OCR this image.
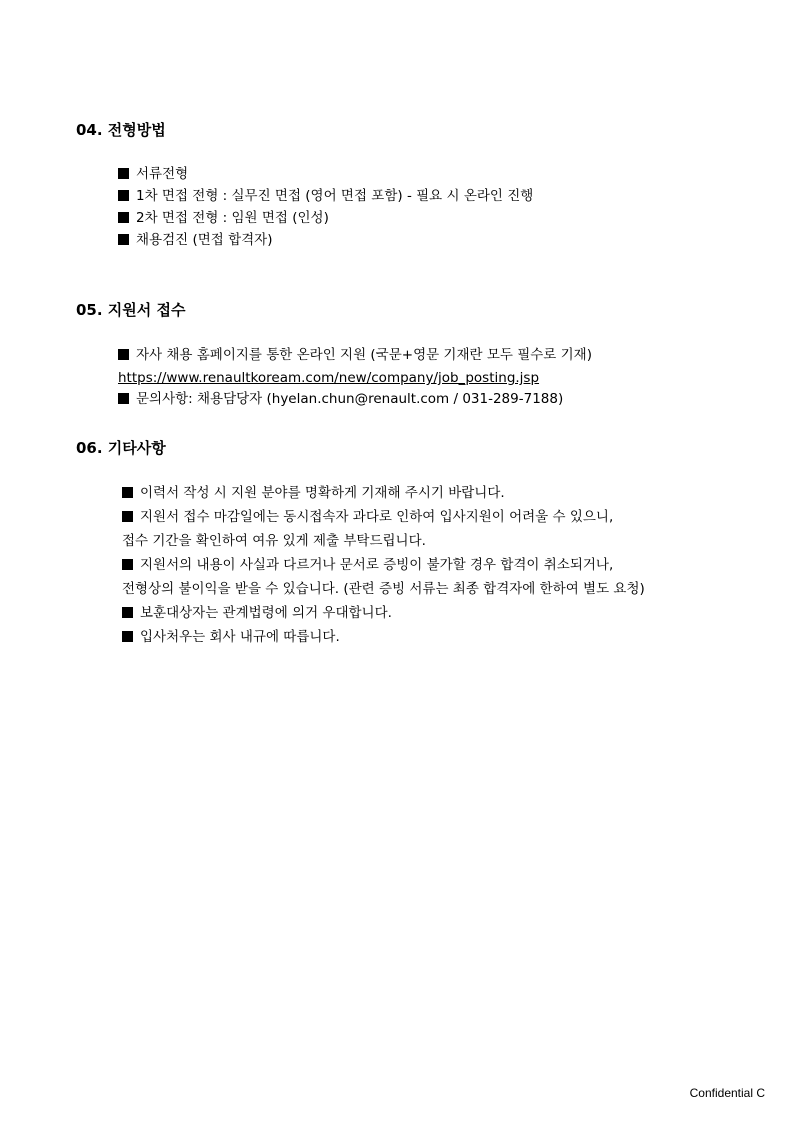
04. 전형방법
서류전형
1차 면접 전형 : 실무진 면접 (영어 면접 포함) - 필요 시 온라인 진행
2차 면접 전형 : 임원 면접 (인성)
채용검진 (면접 합격자)
05. 지원서 접수
자사 채용 홈페이지를 통한 온라인 지원 (국문+영문 기재란 모두 필수로 기재)
https://www.renaultkoream.com/new/company/job_posting.jsp
문의사항: 채용담당자 (hyelan.chun@renault.com / 031-289-7188)
06. 기타사항
이력서 작성 시 지원 분야를 명확하게 기재해 주시기 바랍니다.
지원서 접수 마감일에는 동시접속자 과다로 인하여 입사지원이 어려울 수 있으니,
접수 기간을 확인하여 여유 있게 제출 부탁드립니다.
지원서의 내용이 사실과 다르거나 문서로 증빙이 불가할 경우 합격이 취소되거나,
전형상의 불이익을 받을 수 있습니다. (관련 증빙 서류는 최종 합격자에 한하여 별도 요청)
보훈대상자는 관계법령에 의거 우대합니다.
입사처우는 회사 내규에 따릅니다.
Confidential C
